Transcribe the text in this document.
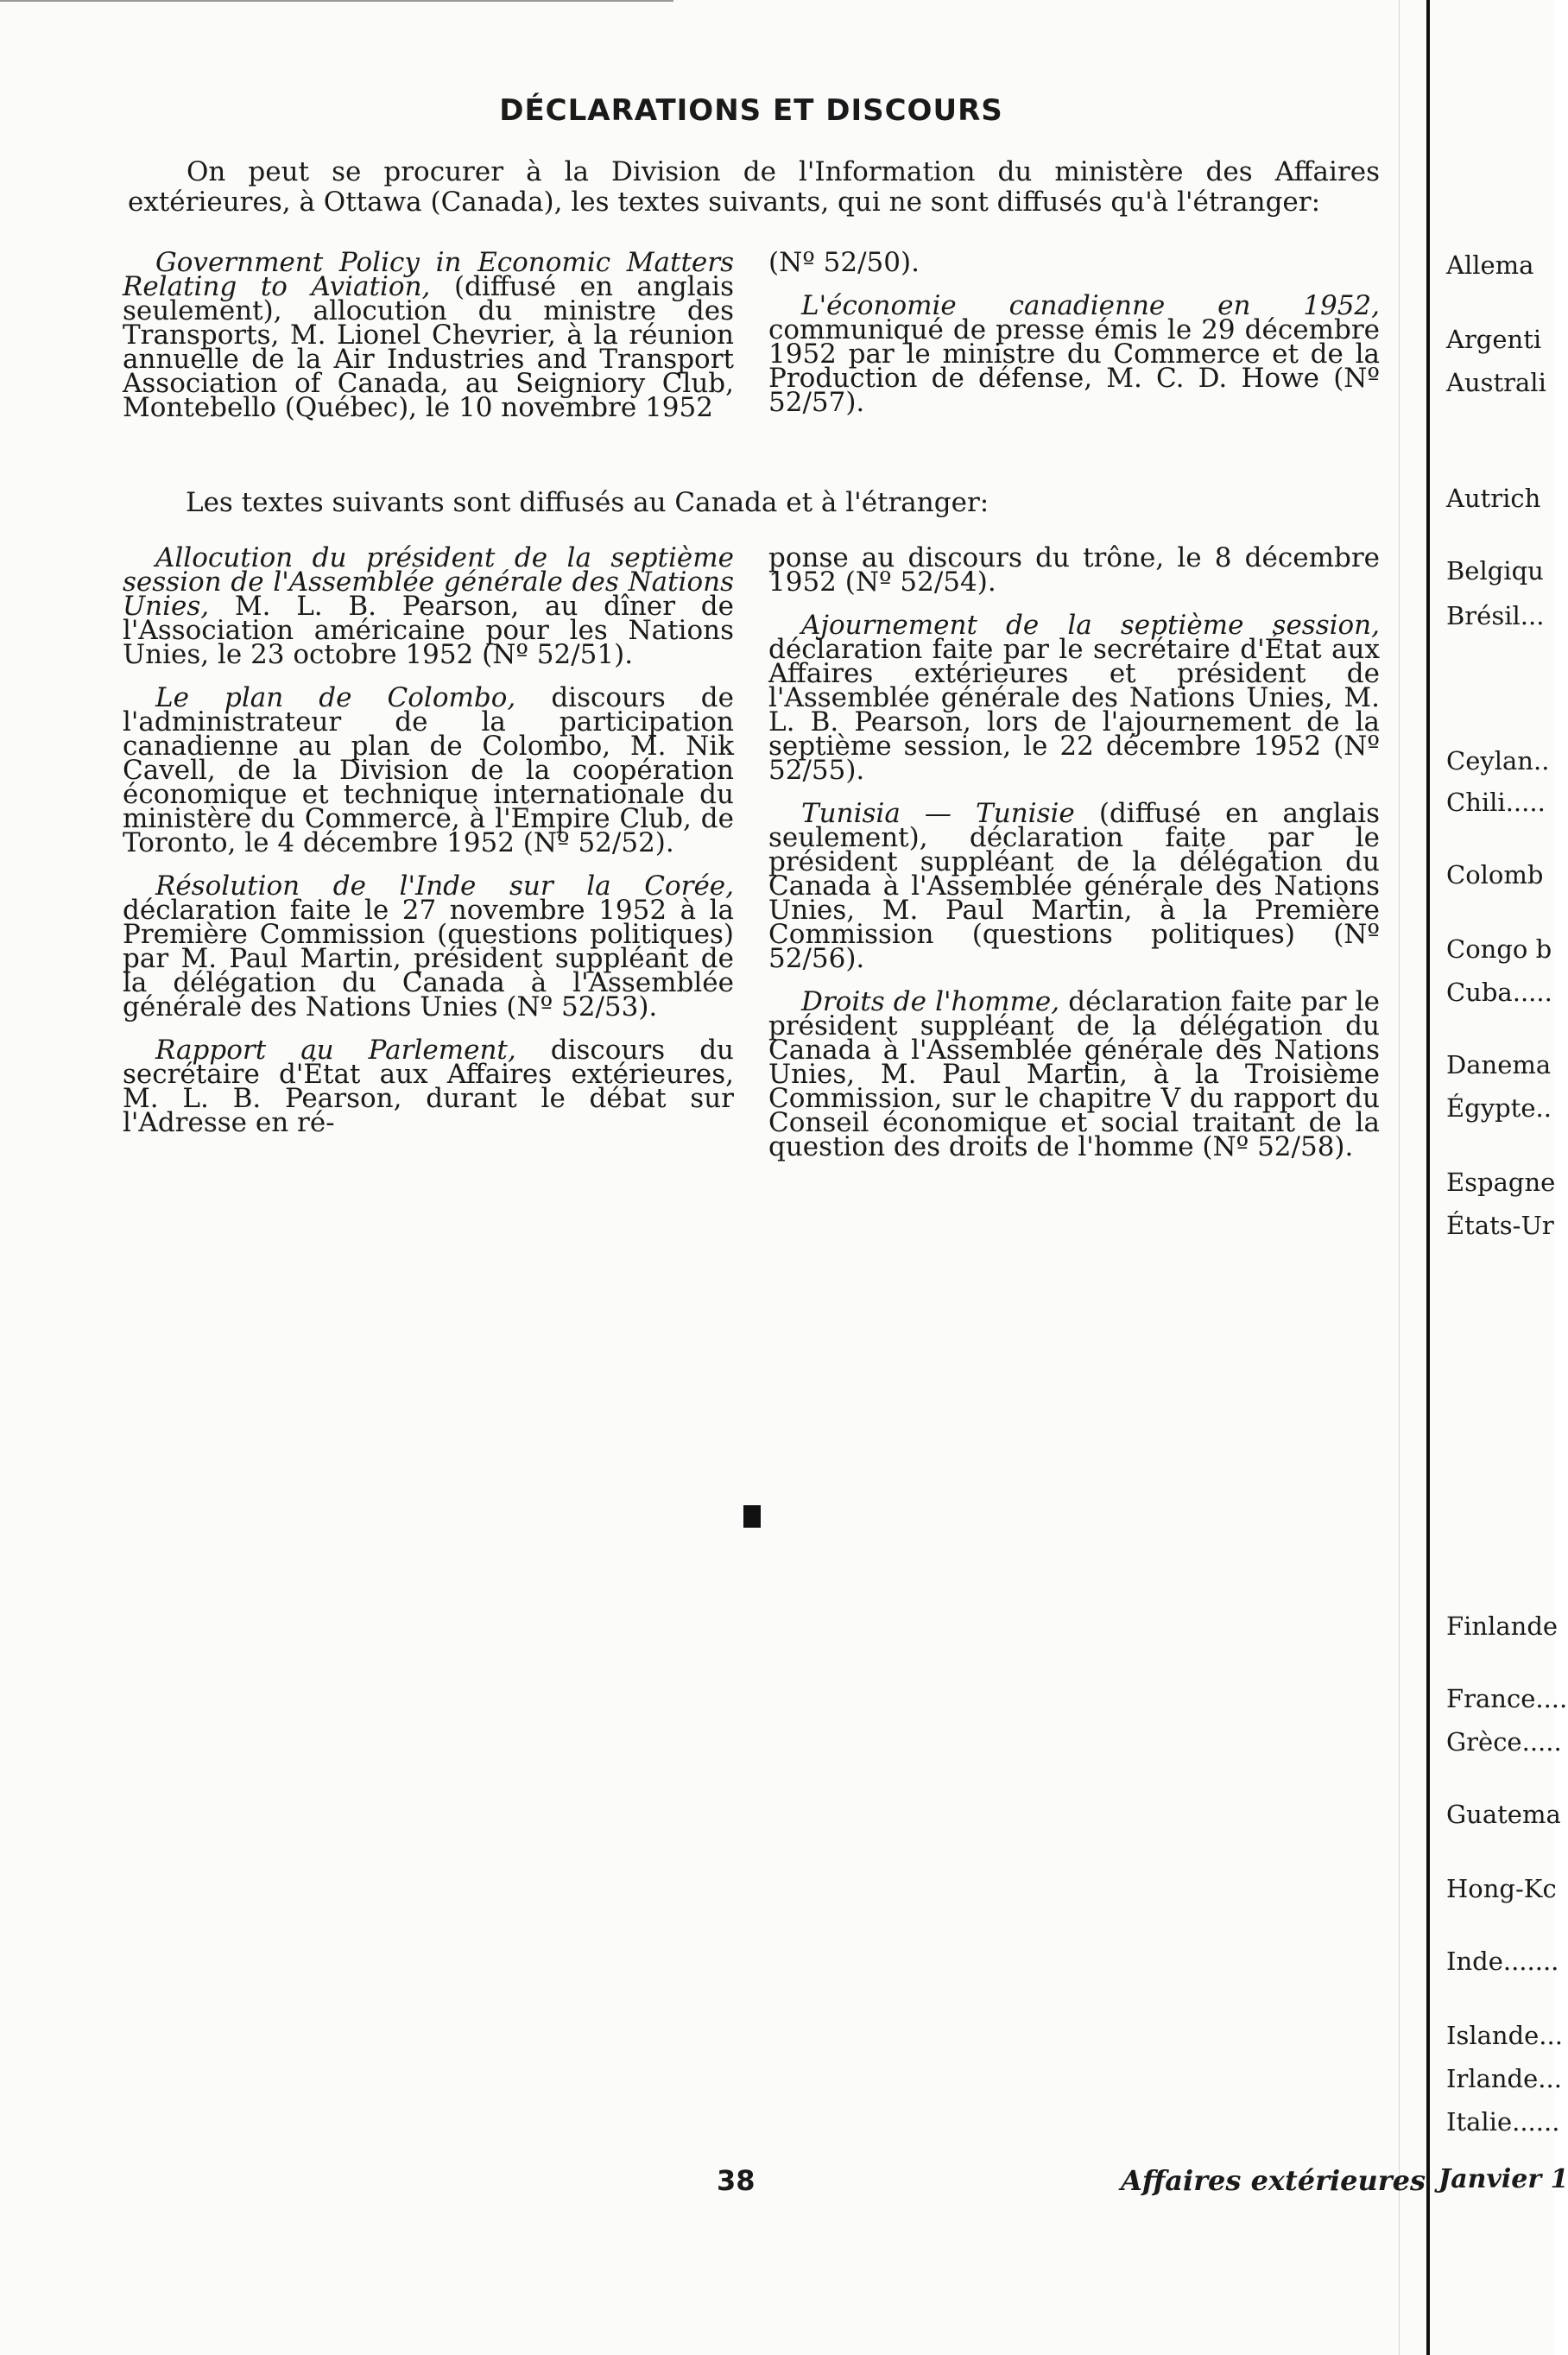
DÉCLARATIONS ET DISCOURS
On peut se procurer à la Division de l'Information du ministère des Affaires extérieures, à Ottawa (Canada), les textes suivants, qui ne sont diffusés qu'à l'étranger:

Government Policy in Economic Matters Relating to Aviation, (diffusé en anglais seulement), allocution du ministre des Transports, M. Lionel Chevrier, à la réunion annuelle de la Air Industries and Transport Association of Canada, au Seigniory Club, Montebello (Québec), le 10 novembre 1952

(Nº 52/50).

L'économie canadienne en 1952, communiqué de presse émis le 29 décembre 1952 par le ministre du Commerce et de la Production de défense, M. C. D. Howe (Nº 52/57).

Les textes suivants sont diffusés au Canada et à l'étranger:

Allocution du président de la septième session de l'Assemblée générale des Nations Unies, M. L. B. Pearson, au dîner de l'Association américaine pour les Nations Unies, le 23 octobre 1952 (Nº 52/51).

Le plan de Colombo, discours de l'administrateur de la participation canadienne au plan de Colombo, M. Nik Cavell, de la Division de la coopération économique et technique internationale du ministère du Commerce, à l'Empire Club, de Toronto, le 4 décembre 1952 (Nº 52/52).

Résolution de l'Inde sur la Corée, déclaration faite le 27 novembre 1952 à la Première Commission (questions politiques) par M. Paul Martin, président suppléant de la délégation du Canada à l'Assemblée générale des Nations Unies (Nº 52/53).

Rapport au Parlement, discours du secrétaire d'État aux Affaires extérieures, M. L. B. Pearson, durant le débat sur l'Adresse en ré-

ponse au discours du trône, le 8 décembre 1952 (Nº 52/54).

Ajournement de la septième session, déclaration faite par le secrétaire d'État aux Affaires extérieures et président de l'Assemblée générale des Nations Unies, M. L. B. Pearson, lors de l'ajournement de la septième session, le 22 décembre 1952 (Nº 52/55).

Tunisia — Tunisie (diffusé en anglais seulement), déclaration faite par le président suppléant de la délégation du Canada à l'Assemblée générale des Nations Unies, M. Paul Martin, à la Première Commission (questions politiques) (Nº 52/56).

Droits de l'homme, déclaration faite par le président suppléant de la délégation du Canada à l'Assemblée générale des Nations Unies, M. Paul Martin, à la Troisième Commission, sur le chapitre V du rapport du Conseil économique et social traitant de la question des droits de l'homme (Nº 52/58).

Allema
Argenti
Australi
Autrich
Belgiqu
Brésil...
Ceylan..
Chili.....
Colomb
Congo b
Cuba.....
Danema
Égypte..
Espagne
États-Ur
Finlande
France....
Grèce.....
Guatema
Hong-Kc
Inde.......
Islande...
Irlande...
Italie......
38	Affaires extérieures Janvier 1
